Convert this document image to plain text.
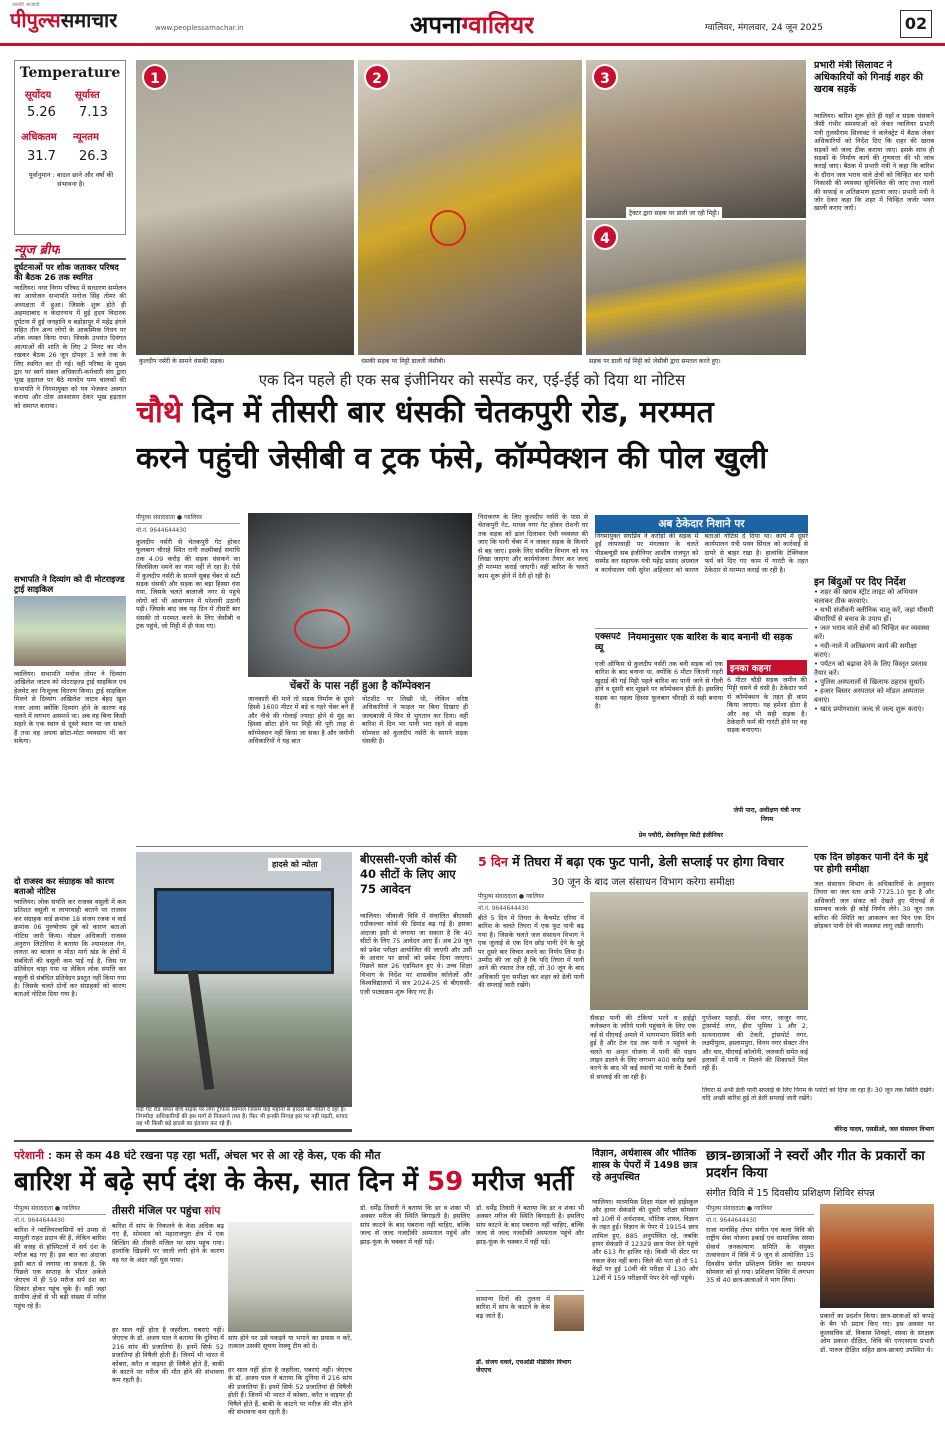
आनंदी आज़ादी
पीपुल्ससमाचार	www.peoplessamachar.in	अपनाग्वालियर	ग्वालियर, मंगलवार, 24 जून 2025	02
Temperature
सूर्योदय सूर्यास्त
5.26 7.13
अधिकतम न्यूनतम
31.7 26.3
पूर्वानुमान : बादल छाने और वर्षा की संभावना है।
न्यूज ब्रीफ
दुर्घटनाओं पर शोक जताकर परिषद की बैठक 26 तक स्थगित
ग्वालियर। नगर निगम परिषद में साधारण सम्मेलन का आयोजन सभापति मनोज सिंह तोमर की अध्यक्षता में हुआ। जिसके शुरू होते ही अहमदाबाद व केदारनाथ में हुई हृदय विदारक दुर्घटना में हुई जनहानि व बड़ोड़ापुर में महेंद्र इंगले सहित तीन अन्य लोगों के आकस्मिक निधन पर शोक व्यक्त किया गया। जिसके उपरांत दिवंगत आत्माओं की शांति के लिए 2 मिनट का मौन रखकर बैठक 26 जून दोपहर 3 बजे तक के लिए स्थगित कर दी गई। वहीं परिषद के मुख्य द्वार पर स्वर्ग संबल अधिकारी-कर्मचारी संघ द्वारा भूख हड़ताल पर बैठे मानदेय पम्प चालकों की सभापति ने निगमायुक्त को पत्र भेजकर अवगत कराया और ठोस आश्वासन देकर भूख हड़ताल को समाप्त कराया।
सभापति ने दिव्यांग को दी मोटराइज्ड ट्राई साइकिल
ग्वालियर। सभापति मनोज तोमर ने दिव्यांग अखिलेश जाटव को मोटराइज्ड ट्राई साइकिल एवं हेलमेट का निःशुल्क वितरण किया। ट्राई साइकिल मिलने से दिव्यांग अखिलेश जाटव बेहद खुश नजर आया क्योंकि दिव्यांग होने के कारण वह चलने में लगभग असमर्थ था। अब वह बिना किसी सहारे के एक स्थान से दूसरे स्थान पर जा सकते हैं तथा वह अपना छोटा-मोटा व्यवसाय भी कर सकेगा।
दो राजस्व कर संग्राहक को कारण बताओ नोटिस
ग्वालियर। लोक संपत्ति कर राजस्व वसूली में कम प्रतिशत वसूली व लापरवाही बरतने पर राजस्व कर संग्राहक वार्ड क्रमांक 18 संजय रजक व वार्ड क्रमांक 06 पुरुषोत्तम दुबे को कारण बताओ नोटिस जारी किया। नोडल अधिकारी राजस्व अनुराग लिटोरिया ने बताया कि श्यामलाल गेन, ललता का बाजार व मोठा मार्ग खंड के क्षेत्रों में संबंधितों की वसूली कम पाई गई है, जिस पर प्रतिवेदन चाहा गया था लेकिन लोक संपत्ति कर वसूली से संबंधित प्रतिवेदन प्रस्तुत नहीं किया गया है। जिसके चलते दोनों कर संग्राहकों को कारण बताओ नोटिस दिया गया है।
1
कुलदीप नर्सरी के सामने धंसकी सड़क।
2
धंसकी सड़क पर मिट्टी डालती जेसीबी।
3
ट्रैक्टर द्वारा सड़क पर डाली जा रही मिट्टी।
4
सड़क पर डाली गई मिट्टी को जेसीबी द्वारा समतल करते हुए।
एक दिन पहले ही एक सब इंजीनियर को सस्पेंड कर, एई-ईई को दिया था नोटिस
चौथे दिन में तीसरी बार धंसकी चेतकपुरी रोड, मरम्मत
करने पहुंची जेसीबी व ट्रक फंसे, कॉम्पेक्शन की पोल खुली
पीपुल्स संवाददाता ● ग्वालियर
मो.नं. 9644644430
कुलदीप नर्सरी से चेतकपुरी गेट होकर फूलबाग चौराहे स्थित रानी लक्ष्मीबाई समाधि तक 4.09 करोड़ की सड़क धंसकने का सिलसिला थमने का नाम नहीं ले रहा है। ऐसे में कुलदीप नर्सरी के सामने सुबह चेंबर से सटी सड़क धंसकी और सड़क का बड़ा हिस्सा धंस गया, जिसके चलते बालाजी नगर से पहुंचे लोगों को भी आवागमन में परेशानी उठानी पड़ी। जिसके बाद जब यह दिन में तीसरी बार धंसकी तो मरम्मत करने के लिए जेसीबी व ट्रक पहुंचे, जो मिट्टी में ही फंस गए।
चेंबरों के पास नहीं हुआ है कॉम्पेक्शन
जानकारी की मानें तो सड़क निर्माण के दूसरे हिस्से 1600 मीटर में बड़े व गहरे चेंबर बने हैं और नीचे की गोलाई ज्यादा होने से मुंह का हिस्सा छोटा होने पर मिट्टी की पूरी तरह से कॉम्पेक्शन नहीं किया जा सका है और जमीनी अधिकारियों ने यह बात
नोटशीट पर लिखी थी, लेकिन वरिष्ठ अधिकारियों ने फाइल पर बिना दिखाए ही जल्दबाजी में फिर से भुगतान कर दिया। वहीं बारिश में दिन भर पानी भरा रहने से सड़क सोमवार को कुलदीप नर्सरी के सामने सड़क धंसकी है।
निराकरण के लिए कुलदीप नर्सरी के पास से चेतकपुरी गेट, माधव नगर गेट होकर रोशनी घर तक सड़क को ढाल दिलाकर ऐसी व्यवस्था की जाए कि पानी चेंबर में न जाकर सड़क के किनारे से बह जाए। इसके लिए संबंधित विभाग को पत्र लिखा जाएगा और कार्ययोजना तैयार कर जल्द ही मरम्मत कराई जाएगी। वहीं बारिश के चलते काम शुरू होने में देरी हो रही है।
अब ठेकेदार निशाने पर
निगमायुक्त संघप्रिय ने करोड़ों की सड़क में हुई लापरवाही पर मंगलवार के चलते पीडब्ल्यूडी सब इंजीनियर आशीष राजपूत को सस्पेंड कर सहायक यंत्री महेंद्र प्रसाद अग्रवाल व कार्यपालन यंत्री सुरेश अहिरवार को कारण बताओ नोटिस दे दिया था। कार्य में दूसरे कार्यपालन यंत्री पवन सिंघल को कार्रवाई से दायरे से बाहर रखा है। हालांकि टेक्निकल फर्म को दिए गए काम में गारंटी के तहत ठेकेदार से मरम्मत कराई जा रही है।
एक्सपर्ट व्यू
नियमानुसार एक बारिश के बाद बनानी थी सड़क
एजी ऑफिस से कुलदीप नर्सरी तक बनी सड़क को एक बारिश के बाद बनाना था, क्योंकि 6 मीटर जितनी गहरी खुदाई की गई मिट्टी पहले बारिश का पानी जाने से गीली होने व दूसरी बार सूखने पर कॉम्पेक्शन होती है। इसलिए सड़क का पहला हिस्सा फूलबाग चौराही से सही बनाया है।
प्रेम पचौरी, सेवानिवृत्त सिटी इंजीनियर
इनका कहना
6 मीटर चौड़ी सड़क जमीन की मिट्टी धसने से धंसी है। ठेकेदार फर्म से कॉम्पेक्शन के तहत ही काम किया जाएगा। यह हमेशा होता है और वह भी सही सड़क है। ठेकेदारी फर्म की गारंटी होने पर वह सड़क बनाएगा।
जेपी पारा, अधीक्षण यंत्री नगर निगम
प्रभारी मंत्री सिलावट ने अधिकारियों को गिनाई शहर की खराब सड़कें
ग्वालियर। बारिश शुरू होते ही यहाँ व सड़क धंसकने जैसी गंभीर समस्याओं को लेकर ग्वालियर प्रभारी मंत्री तुलसीराम सिलावट ने कलेक्ट्रेट में बैठक लेकर अधिकारियों को निर्देश दिए कि शहर की खराब सड़कों को जल्द ठीक कराया जाए। इसके साथ ही सड़कों के निर्माण कार्य की गुणवत्ता की भी जांच कराई जाए। बैठक में प्रभारी मंत्री ने कहा कि बारिश के दौरान जल भराव वाले क्षेत्रों को चिन्हित कर पानी निकासी की व्यवस्था सुनिश्चित की जाए तथा नालों की सफाई व अतिक्रमण हटाया जाए। प्रभारी मंत्री ने जोर देकर कहा कि शहर में चिन्हित जर्जर भवन खाली कराए जाएँ।
इन बिंदुओं पर दिए निर्देश
• शहर की खराब स्ट्रीट लाइट को अभियान चलाकर ठीक करवाएं।
• सभी संजीवनी क्लीनिक चालू करें, जहां मौसमी बीमारियों से बचाव के उपाय हों।
• जल भराव वाले क्षेत्रों को चिन्हित कर व्यवस्था करें।
• नदी-नाले में अतिक्रमण कार्य की समीक्षा कराएं।
• पर्यटन को बढ़ावा देने के लिए विस्तृत प्रस्ताव तैयार करें।
• पुलिस अस्पतालों से खिलाफ ठहराव सुधारें।
• हजार बिस्तर अस्पताल को मॉडल अस्पताल बनाएं।
• खाद प्रयोगशाला जल्द से जल्द शुरू कराएं।
हादसे को न्योता
नदी गेट रोड स्थित बीच सड़क पर लगा ट्रैफिक सिग्नल जिसमें कई महीनों से हादसे को न्योता दे रहा है। निगमोदा अधिकारियों की इस मार्ग से निकलने तथा है। फिर भी इनकी निगाह इस पर नहीं पड़ती, शायद वह भी किसी बड़े हादसे का इंतजार कर रहे हैं।
बीएससी-एजी कोर्स की 40 सीटों के लिए आए 75 आवेदन
ग्वालियर। जीवाजी विवि में संचालित बीएससी एग्रीकल्चर कोर्स की डिमांड बढ़ गई है। इसका अंदाजा इसी से लगाया जा सकता है कि 40 सीटों के लिए 75 आवेदन आए हैं। अब 29 जून को प्रवेश परीक्षा आयोजित की जाएगी और उसी के आधार पर छात्रों को प्रवेश दिया जाएगा। पिछले साल 26 एडमिशन हुए थे। उच्च शिक्षा विभाग के निर्देश पर शासकीय कॉलेजों और विश्वविद्यालयों में सत्र 2024-25 से बीएससी-एजी पाठ्यक्रम शुरू किए गए हैं।
5 दिन में तिघरा में बढ़ा एक फुट पानी, डेली सप्लाई पर होगा विचार
30 जून के बाद जल संसाधन विभाग करेगा समीक्षा
पीपुल्स संवाददाता ● ग्वालियर
मो.नं. 9644644430
बीते 5 दिन में तिघरा के कैचमेंट एरिया में बारिश के चलते तिघरा में एक फुट पानी बढ़ गया है। जिसके चलते जल संसाधन विभाग ने एक जुलाई से एक दिन छोड़ पानी देने के मुद्दे पर दूसरे बार विचार करने का निर्णय लिया है। उम्मीद की जा रही है कि यदि तिघरा में पानी आने की रफ्तार तेज रही, तो 30 जून के बाद अधिकारी पुनः समीक्षा कर शहर को डेली पानी की सप्लाई जारी रखेंगे।
सैकड़ा पानी की टंकियां भरने व हाईड्रो कनेक्शन के जरिये पानी पहुंचाने के लिए एक नई से पीएचई अमले में भागमभाग स्थिति बनी हुई है और टेल एंड तक पानी न पहुंचने के चलते या अमृत योजना में पानी की पाइप लाइन डालने के लिए लगभग 400 करोड़ खर्च करने के बाद भी कई स्थानों पर पानी के टैंकरों से सप्लाई की जा रही है।
गुप्तेश्वर पहाड़ी, सेवा नगर, जाजुर नगर, ट्रांसपोर्ट नगर, हीरा भूमिया 1 और 2, सत्यनारायण की टेकरी, ट्रांसपोर्ट नगर, लक्ष्मीपुरम, इस्लामपुरा, विनय नगर सेक्टर तीन और चार, पीएचई कॉलोनी, जलवारी समेत कई इलाकों में पानी न मिलने की शिकायतें मिल रही हैं।
एक दिन छोड़कर पानी देने के मुद्दे पर होगी समीक्षा
जल संसाधन विभाग के अधिकारियों के अनुसार तिघरा का जल स्तर अभी 7725.10 फुट है और अधिकारी जल संकट को देखते हुए पीएचई से समन्वय करके ही कोई निर्णय लेंगे। 30 जून तक बारिश की स्थिति का आकलन कर फिर एक दिन छोड़कर पानी देने की व्यवस्था लागू रखी जाएगी।
तिघरा से अभी डेली पानी सप्लाई के लिए निगम के प्लांटों को दिया जा रहा है। 30 जून तक स्थिति देखेंगे। यदि अच्छी बारिश हुई तो डेली सप्लाई जारी रखेंगे।
बीरेन्द्र यादव, एसडीओ, जल संसाधन विभाग
परेशानी : कम से कम 48 घंटे रखना पड़ रहा भर्ती, अंचल भर से आ रहे केस, एक की मौत
बारिश में बढ़े सर्प दंश के केस, सात दिन में 59 मरीज भर्ती
पीपुल्स संवाददाता ● ग्वालियर
मो.नं. 9644644430
बारिश ने ग्वालियरवासियों को उमस से मामूली राहत प्रदान की है, लेकिन बारिश की वजह से हॉस्पिटलों में सर्प दंश के मरीज बढ़ गए हैं। इस बात का अंदाजा इसी बात से लगाया जा सकता है, कि पिछले एक सप्ताह के भीतर अकेले जेएएच में ही 59 मरीज सर्प दंश का शिकार होकर पहुंच चुके हैं। वहीं जहां ग्रामीण क्षेत्रों से भी बड़ी संख्या में मरीज पहुंच रहे हैं।
तीसरी मंजिल पर पहुंचा सांप
बारिश में सांप के निकलने के केस अधिक बढ़ गए हैं, सोमवार को महाराजपुरा क्षेत्र में एक बिल्डिंग की तीसरी मंजिल पर सांप पहुंच गया। हालांकि खिड़की पर जाली लगी होने के कारण वह घर के अंदर नहीं घुस पाया।
सांप होने पर उसे पकड़ने या भगाने का प्रयास न करें, तत्काल उसकी सूचना रेस्क्यू टीम को दें।
हर साल नहीं होता है जहरीला, घबराएं नहीं। जेएएच के डॉ. अजय पाल ने बताया कि दुनिया में 216 सांप की प्रजातियां हैं। इनमें सिर्फ 52 प्रजातियां ही विषैली होती हैं। जिनमें भी भारत में कोबरा, करैत व वाइपर ही विषैले होते हैं, बाकी के काटने पर मरीज की मौत होने की संभावना कम रहती है।
हर साल नहीं होता है जहरीला, घबराएं नहीं। जेएएच के डॉ. अजय पाल ने बताया कि दुनिया में 216 सांप की प्रजातियां हैं। इनमें सिर्फ 52 प्रजातियां ही विषैली होती हैं। जिनमें भी भारत में कोबरा, करैत व वाइपर ही विषैले होते हैं, बाकी के काटने पर मरीज की मौत होने की संभावना कम रहती है।
डॉ. धर्मेंद्र तिवारी ने बताया कि डर व शंका भी अक्सर मरीज की स्थिति बिगाड़ती है। इसलिए सांप काटने के बाद घबराना नहीं चाहिए, बल्कि जल्द से जल्द नजदीकी अस्पताल पहुंचें और झाड़-फूंक के चक्कर में नहीं पड़ें।
सामान्य दिनों की तुलना में बारिश में सांप के काटने के केस बढ़ जाते हैं।
डॉ. संजय धवले, एचओडी मेडिसिन विभाग जेएएच
डॉ. धर्मेंद्र तिवारी ने बताया कि डर व शंका भी अक्सर मरीज की स्थिति बिगाड़ती है। इसलिए सांप काटने के बाद घबराना नहीं चाहिए, बल्कि जल्द से जल्द नजदीकी अस्पताल पहुंचें और झाड़-फूंक के चक्कर में नहीं पड़ें।
विज्ञान, अर्थशास्त्र और भौतिक शास्त्र के पेपरों में 1498 छात्र रहे अनुपस्थित
ग्वालियर। माध्यमिक शिक्षा मंडल को हाईस्कूल और हायर सेकंडरी की दूसरी परीक्षा सोमवार को 10वीं में अर्थशास्त्र, भौतिक शास्त्र, विज्ञान के तहत हुई। विज्ञान के पेपर में 19154 छात्र शामिल हुए, 885 अनुपस्थित रहे, जबकि हायर सेकंडरी में 12329 छात्र पेपर देने पहुंचे और 613 गैर हाजिर रहे। किसी भी सेंटर पर नकल केस नहीं बना। जिले की पता हो तो 51 केंद्रों पर हुई 10वीं की परीक्षा में 130 और 12वीं में 159 परीक्षार्थी पेपर देने नहीं पहुंचे।
छात्र-छात्राओं ने स्वरों और गीत के प्रकारों का प्रदर्शन किया
संगीत विवि में 15 दिवसीय प्रशिक्षण शिविर संपन्न
पीपुल्स संवाददाता ● ग्वालियर
मो.नं. 9644644430
राजा मानसिंह तोमर संगीत एवं कला विवि की राष्ट्रीय सेवा योजना इकाई एवं सामाजिक संस्था सेवार्थ जनकल्याण समिति के संयुक्त तत्वावधान में विवि में 9 जून से आयोजित 15 दिवसीय संगीत प्रशिक्षण शिविर का समापन सोमवार को हो गया। प्रशिक्षण शिविर में लगभग 35 से 40 छात्र-छात्राओं ने भाग लिया।
प्रकारों का प्रदर्शन किया। छात्र-छात्राओं को कपड़े के बैग भी प्रदान किए गए। इस अवसर पर कुलसचिव डॉ. विकास शिवहरे, संस्था के संरक्षक ओम प्रकाश दीक्षित, विवि की एनएसएस प्रभारी डॉ. पारुल दीक्षित सहित छात्र-छात्राएं उपस्थित थे।
